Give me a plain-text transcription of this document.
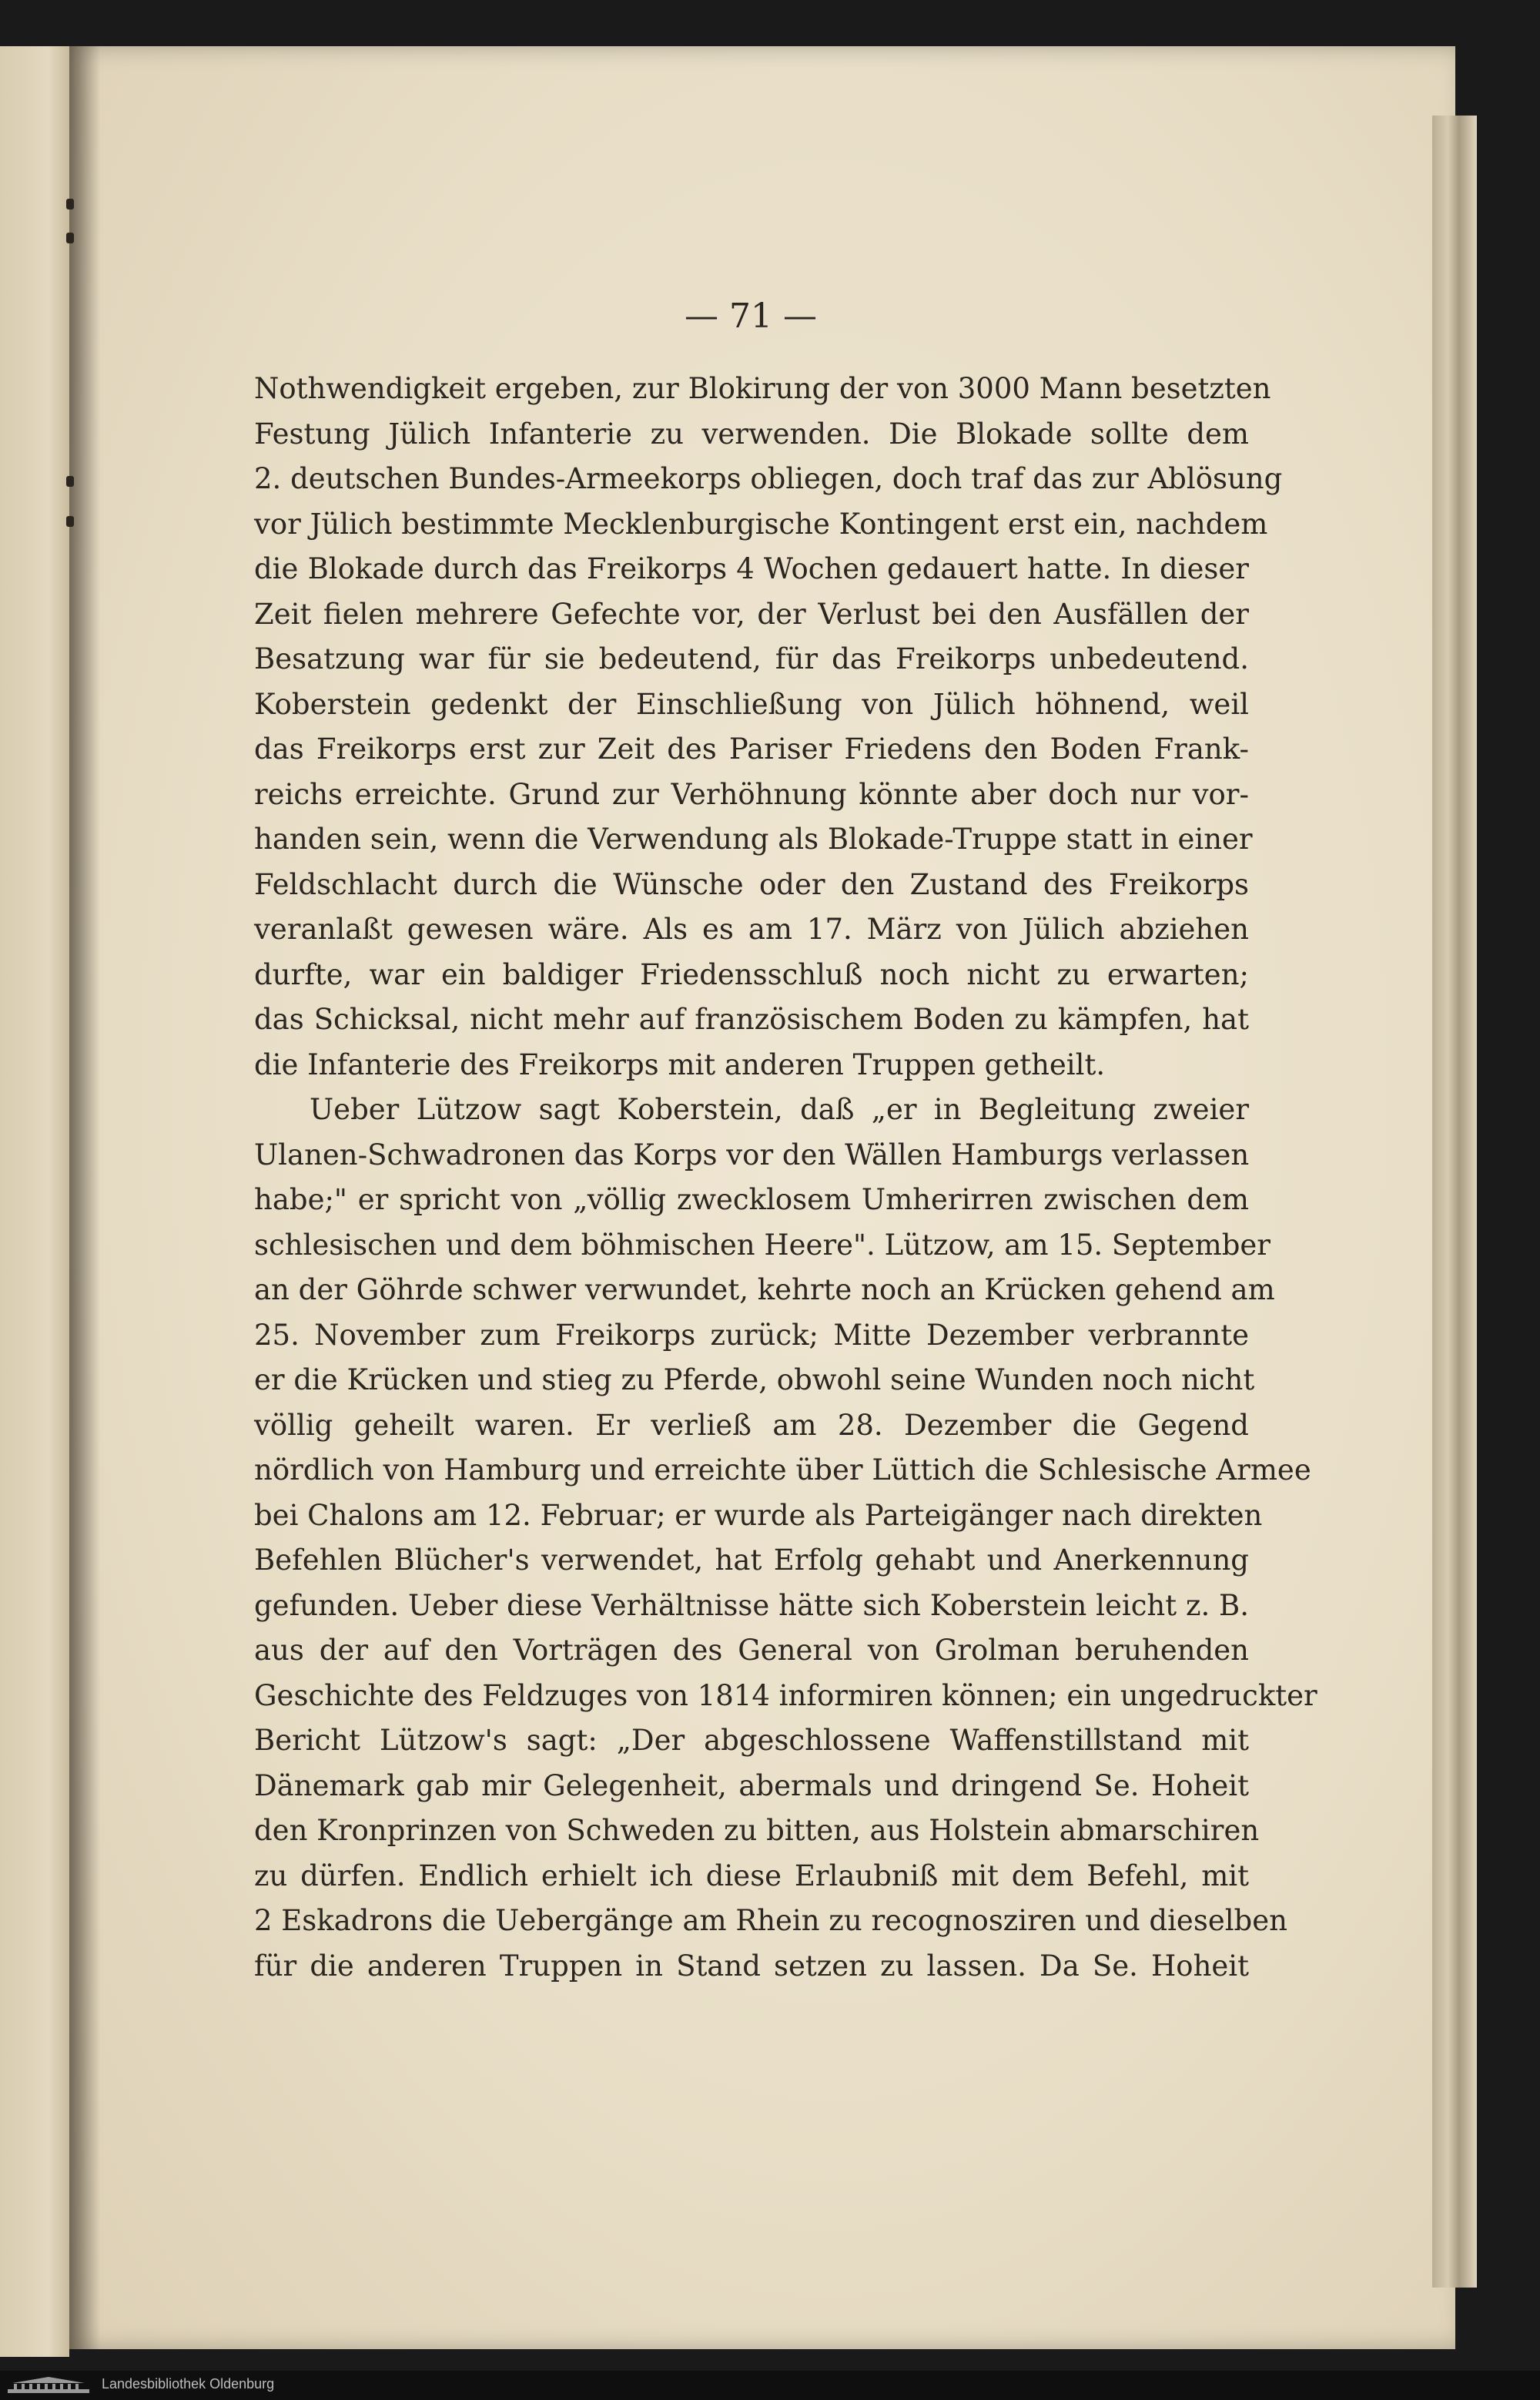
— 71 —
Nothwendigkeit ergeben, zur Blokirung der von 3000 Mann besetzten
Festung Jülich Infanterie zu verwenden. Die Blokade sollte dem
2. deutschen Bundes-Armeekorps obliegen, doch traf das zur Ablösung
vor Jülich bestimmte Mecklenburgische Kontingent erst ein, nachdem
die Blokade durch das Freikorps 4 Wochen gedauert hatte. In dieser
Zeit fielen mehrere Gefechte vor, der Verlust bei den Ausfällen der
Besatzung war für sie bedeutend, für das Freikorps unbedeutend.
Koberstein gedenkt der Einschließung von Jülich höhnend, weil
das Freikorps erst zur Zeit des Pariser Friedens den Boden Frank-
reichs erreichte. Grund zur Verhöhnung könnte aber doch nur vor-
handen sein, wenn die Verwendung als Blokade-Truppe statt in einer
Feldschlacht durch die Wünsche oder den Zustand des Freikorps
veranlaßt gewesen wäre. Als es am 17. März von Jülich abziehen
durfte, war ein baldiger Friedensschluß noch nicht zu erwarten;
das Schicksal, nicht mehr auf französischem Boden zu kämpfen, hat
die Infanterie des Freikorps mit anderen Truppen getheilt.
Ueber Lützow sagt Koberstein, daß „er in Begleitung zweier
Ulanen-Schwadronen das Korps vor den Wällen Hamburgs verlassen
habe;" er spricht von „völlig zwecklosem Umherirren zwischen dem
schlesischen und dem böhmischen Heere". Lützow, am 15. September
an der Göhrde schwer verwundet, kehrte noch an Krücken gehend am
25. November zum Freikorps zurück; Mitte Dezember verbrannte
er die Krücken und stieg zu Pferde, obwohl seine Wunden noch nicht
völlig geheilt waren. Er verließ am 28. Dezember die Gegend
nördlich von Hamburg und erreichte über Lüttich die Schlesische Armee
bei Chalons am 12. Februar; er wurde als Parteigänger nach direkten
Befehlen Blücher's verwendet, hat Erfolg gehabt und Anerkennung
gefunden. Ueber diese Verhältnisse hätte sich Koberstein leicht z. B.
aus der auf den Vorträgen des General von Grolman beruhenden
Geschichte des Feldzuges von 1814 informiren können; ein ungedruckter
Bericht Lützow's sagt: „Der abgeschlossene Waffenstillstand mit
Dänemark gab mir Gelegenheit, abermals und dringend Se. Hoheit
den Kronprinzen von Schweden zu bitten, aus Holstein abmarschiren
zu dürfen. Endlich erhielt ich diese Erlaubniß mit dem Befehl, mit
2 Eskadrons die Uebergänge am Rhein zu recognosziren und dieselben
für die anderen Truppen in Stand setzen zu lassen. Da Se. Hoheit
Landesbibliothek Oldenburg
